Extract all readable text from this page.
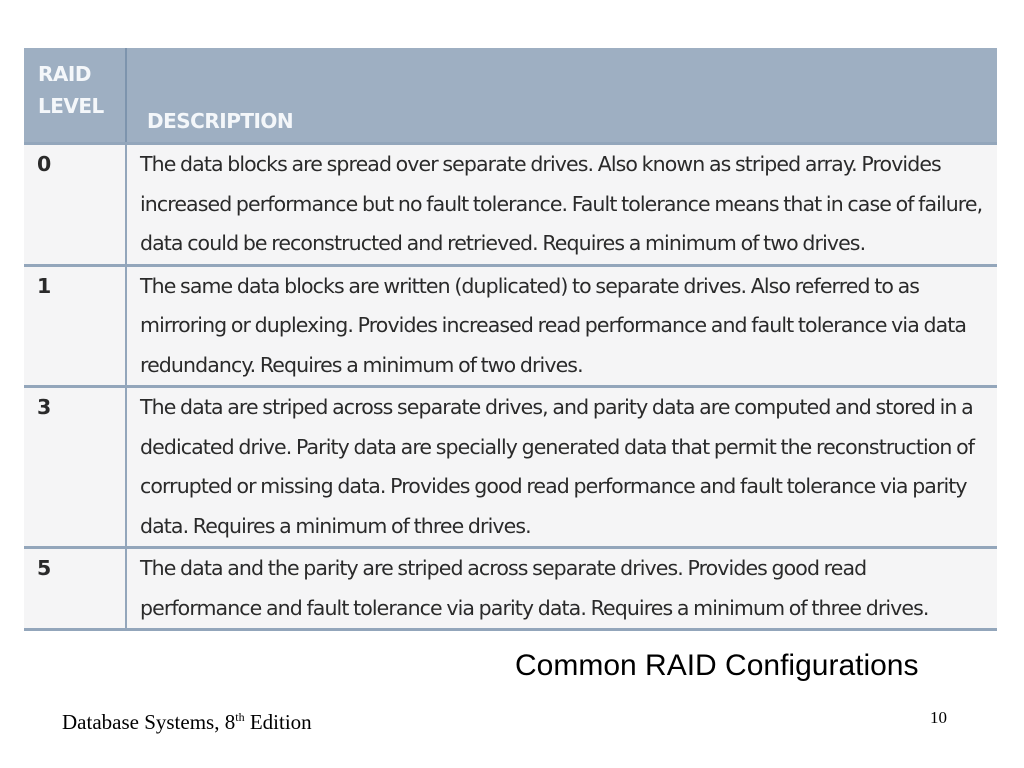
RAID
LEVEL	DESCRIPTION
0	The data blocks are spread over separate drives. Also known as striped array. Provides increased performance but no fault tolerance. Fault tolerance means that in case of failure, data could be reconstructed and retrieved. Requires a minimum of two drives.
1	The same data blocks are written (duplicated) to separate drives. Also referred to as mirroring or duplexing. Provides increased read performance and fault tolerance via data redundancy. Requires a minimum of two drives.
3	The data are striped across separate drives, and parity data are computed and stored in a dedicated drive. Parity data are specially generated data that permit the reconstruction of corrupted or missing data. Provides good read performance and fault tolerance via parity data. Requires a minimum of three drives.
5	The data and the parity are striped across separate drives. Provides good read performance and fault tolerance via parity data. Requires a minimum of three drives.
Common RAID Configurations
Database Systems, 8th Edition	10
